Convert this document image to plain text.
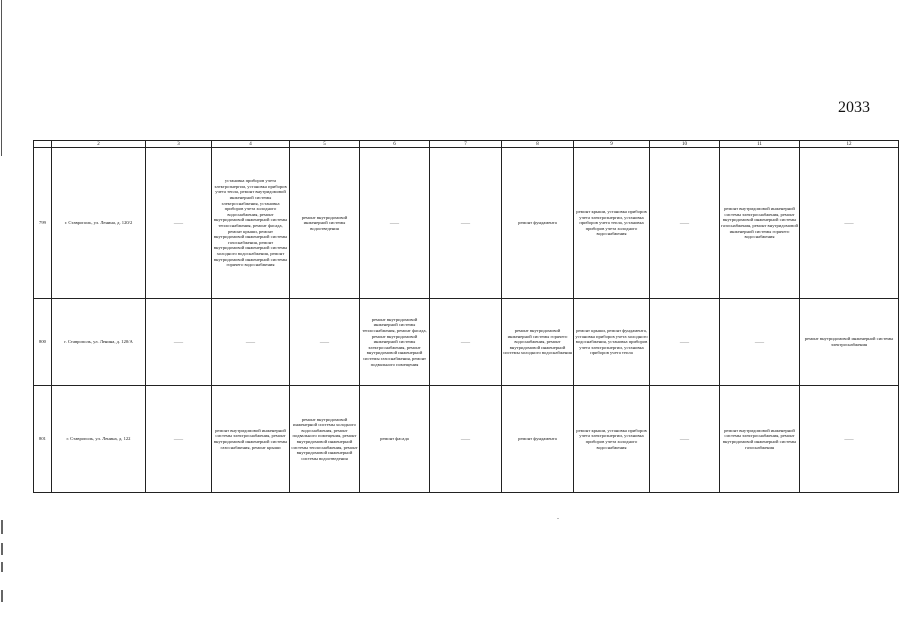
2033
	2	3	4	5	6	7	8	9	10	11	12
799	г. Ставрополь, ул. Ленина, д. 120/2	——	установка приборов учета электроэнергии, установка приборов учета тепла, ремонт внутридомовой инженерной системы электроснабжения, установка приборов учета холодного водоснабжения, ремонт внутридомовой инженерной системы теплоснабжения, ремонт фасада, ремонт крыши, ремонт внутридомовой инженерной системы газоснабжения, ремонт внутридомовой инженерной системы холодного водоснабжения, ремонт внутридомовой инженерной системы горячего водоснабжения	ремонт внутридомовой инженерной системы водоотведения	——	——	ремонт фундамента	ремонт крыши, установка приборов учета электроэнергии, установка приборов учета тепла, установка приборов учета холодного водоснабжения	——	ремонт внутридомовой инженерной системы электроснабжения, ремонт внутридомовой инженерной системы газоснабжения, ремонт внутридомовой инженерной системы горячего водоснабжения	——
800	г. Ставрополь, ул. Ленина, д. 120/А	——	——	——	ремонт внутридомовой инженерной системы теплоснабжения, ремонт фасада, ремонт внутридомовой инженерной системы электроснабжения, ремонт внутридомовой инженерной системы газоснабжения, ремонт подвального помещения	——	ремонт внутридомовой инженерной системы горячего водоснабжения, ремонт внутридомовой инженерной системы холодного водоснабжения	ремонт крыши, ремонт фундамента, установка приборов учета холодного водоснабжения, установка приборов учета электроэнергии, установка приборов учета тепла	——	——	ремонт внутридомовой инженерной системы электроснабжения
801	г. Ставрополь, ул. Ленина, д. 122	——	ремонт внутридомовой инженерной системы электроснабжения, ремонт внутридомовой инженерной системы газоснабжения, ремонт крыши	ремонт внутридомовой инженерной системы холодного водоснабжения, ремонт подвального помещения, ремонт внутридомовой инженерной системы теплоснабжения, ремонт внутридомовой инженерной системы водоотведения	ремонт фасада	——	ремонт фундамента	ремонт крыши, установка приборов учета электроэнергии, установка приборов учета холодного водоснабжения	——	ремонт внутридомовой инженерной системы электроснабжения, ремонт внутридомовой инженерной системы газоснабжения	——
